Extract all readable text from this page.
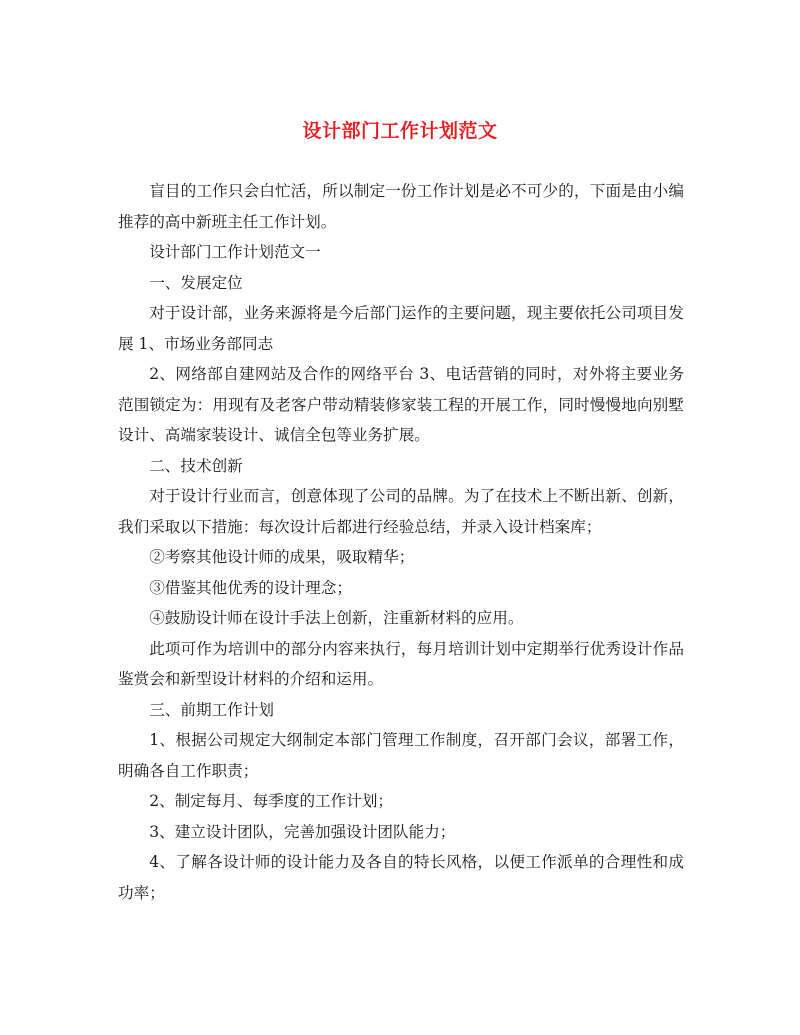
设计部门工作计划范文

盲目的工作只会白忙活，所以制定一份工作计划是必不可少的，下面是由小编推荐的高中新班主任工作计划。

设计部门工作计划范文一

一、发展定位

对于设计部，业务来源将是今后部门运作的主要问题，现主要依托公司项目发展 1、市场业务部同志

2、网络部自建网站及合作的网络平台 3、电话营销的同时，对外将主要业务范围锁定为：用现有及老客户带动精装修家装工程的开展工作，同时慢慢地向别墅设计、高端家装设计、诚信全包等业务扩展。

二、技术创新

对于设计行业而言，创意体现了公司的品牌。为了在技术上不断出新、创新，我们采取以下措施：每次设计后都进行经验总结，并录入设计档案库；

②考察其他设计师的成果，吸取精华；

③借鉴其他优秀的设计理念；

④鼓励设计师在设计手法上创新，注重新材料的应用。

此项可作为培训中的部分内容来执行，每月培训计划中定期举行优秀设计作品鉴赏会和新型设计材料的介绍和运用。

三、前期工作计划

1、根据公司规定大纲制定本部门管理工作制度，召开部门会议，部署工作，明确各自工作职责；

2、制定每月、每季度的工作计划；

3、建立设计团队，完善加强设计团队能力；

4、了解各设计师的设计能力及各自的特长风格，以便工作派单的合理性和成功率；
